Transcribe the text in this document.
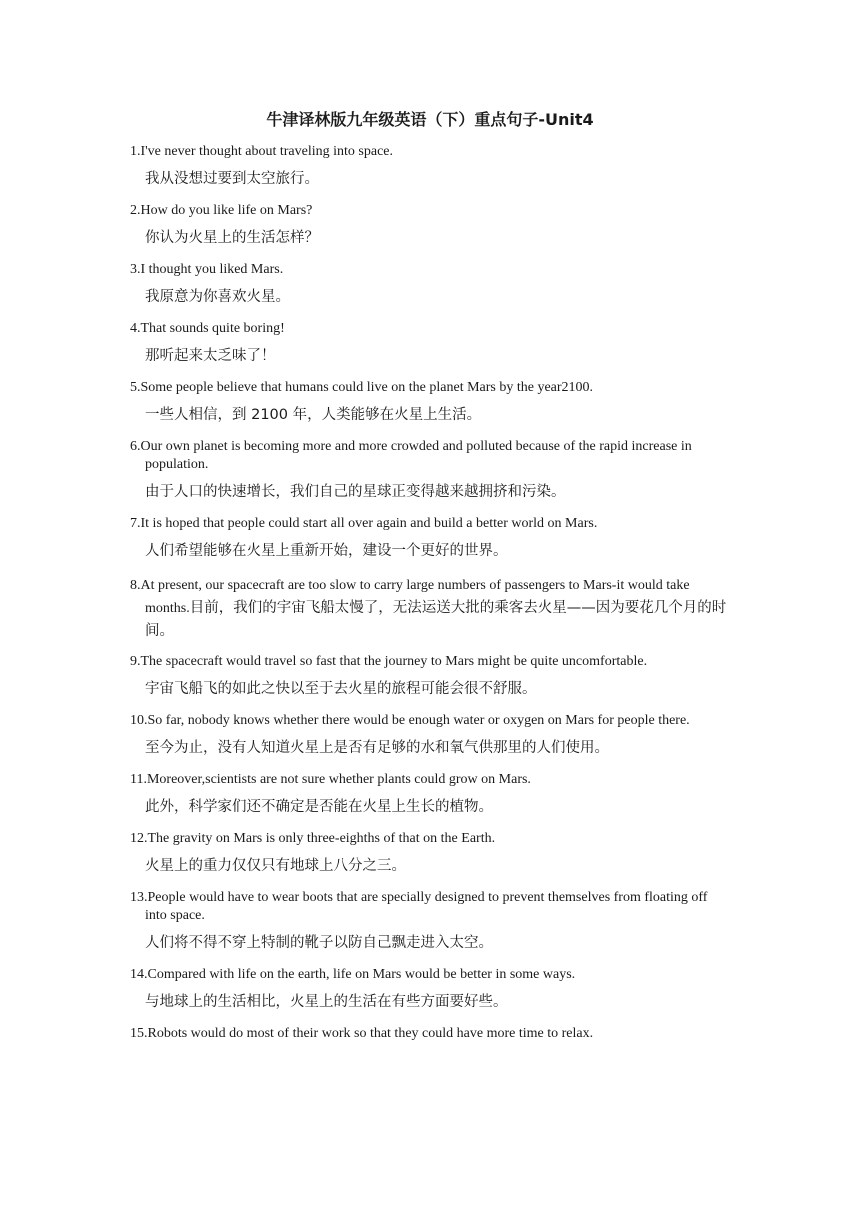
牛津译林版九年级英语（下）重点句子-Unit4

1.I've never thought about traveling into space.

我从没想过要到太空旅行。

2.How do you like life on Mars?

你认为火星上的生活怎样？

3.I thought you liked Mars.

我原意为你喜欢火星。

4.That sounds quite boring!

那听起来太乏味了！

5.Some people believe that humans could live on the planet Mars by the year2100.

一些人相信，到 2100 年，人类能够在火星上生活。

6.Our own planet is becoming more and more crowded and polluted because of the rapid increase in population.

由于人口的快速增长，我们自己的星球正变得越来越拥挤和污染。

7.It is hoped that people could start all over again and build a better world on Mars.

人们希望能够在火星上重新开始，建设一个更好的世界。

8.At present, our spacecraft are too slow to carry large numbers of passengers to Mars-it would take months.目前，我们的宇宙飞船太慢了，无法运送大批的乘客去火星——因为要花几个月的时间。

9.The spacecraft would travel so fast that the journey to Mars might be quite uncomfortable.

宇宙飞船飞的如此之快以至于去火星的旅程可能会很不舒服。

10.So far, nobody knows whether there would be enough water or oxygen on Mars for people there.

至今为止，没有人知道火星上是否有足够的水和氧气供那里的人们使用。

11.Moreover,scientists are not sure whether plants could grow on Mars.

此外，科学家们还不确定是否能在火星上生长的植物。

12.The gravity on Mars is only three-eighths of that on the Earth.

火星上的重力仅仅只有地球上八分之三。

13.People would have to wear boots that are specially designed to prevent themselves from floating off into space.

人们将不得不穿上特制的靴子以防自己飘走进入太空。

14.Compared with life on the earth, life on Mars would be better in some ways.

与地球上的生活相比，火星上的生活在有些方面要好些。

15.Robots would do most of their work so that they could have more time to relax.
